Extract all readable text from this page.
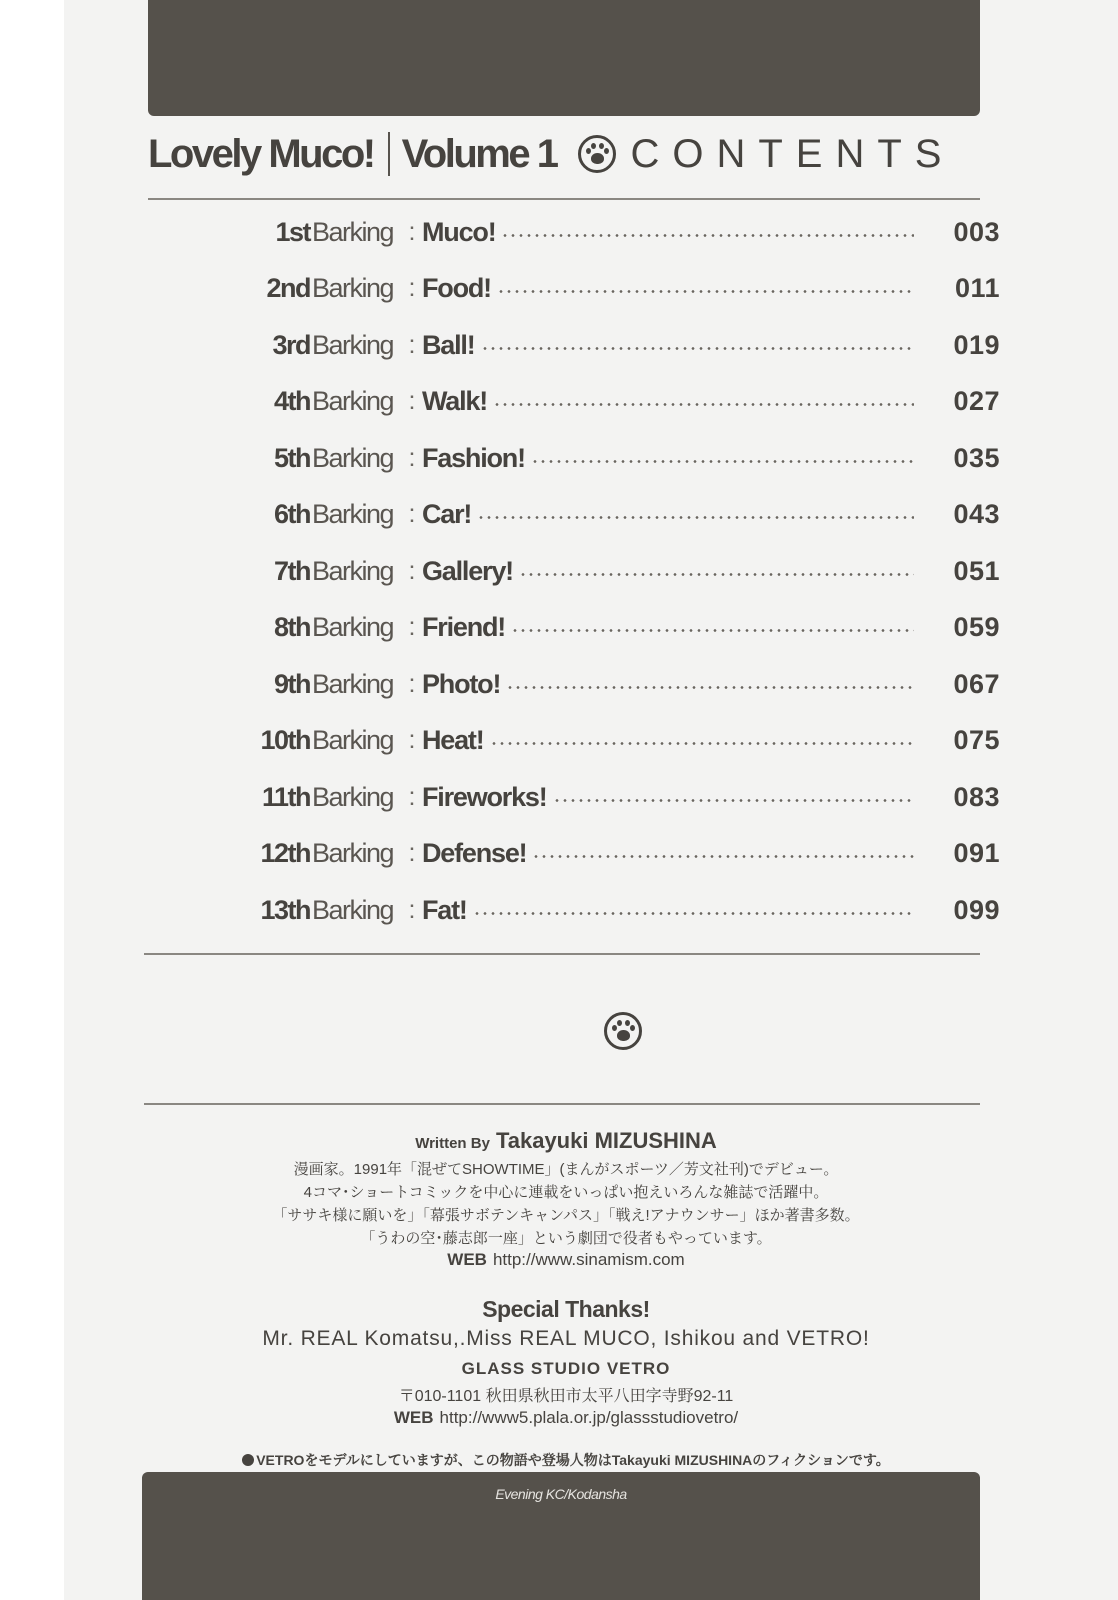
Lovely Muco! Volume 1 CONTENTS
1st Barking : Muco!	003
2nd Barking : Food!	011
3rd Barking : Ball!	019
4th Barking : Walk!	027
5th Barking : Fashion!	035
6th Barking : Car!	043
7th Barking : Gallery!	051
8th Barking : Friend!	059
9th Barking : Photo!	067
10th Barking : Heat!	075
11th Barking : Fireworks!	083
12th Barking : Defense!	091
13th Barking : Fat!	099
Written By Takayuki MIZUSHINA
漫画家。1991年「混ぜてSHOWTIME」(まんがスポーツ／芳文社刊)でデビュー。
4コマ･ショートコミックを中心に連載をいっぱい抱えいろんな雑誌で活躍中。
「ササキ様に願いを」「幕張サボテンキャンパス」「戦え!アナウンサー」ほか著書多数。
「うわの空･藤志郎一座」という劇団で役者もやっています。
WEB http://www.sinamism.com
Special Thanks!
Mr. REAL Komatsu,.Miss REAL MUCO, Ishikou and VETRO!
GLASS STUDIO VETRO
〒010-1101 秋田県秋田市太平八田字寺野92-11
WEB http://www5.plala.or.jp/glassstudiovetro/
VETROをモデルにしていますが、この物語や登場人物はTakayuki MIZUSHINAのフィクションです。
Evening KC/Kodansha
